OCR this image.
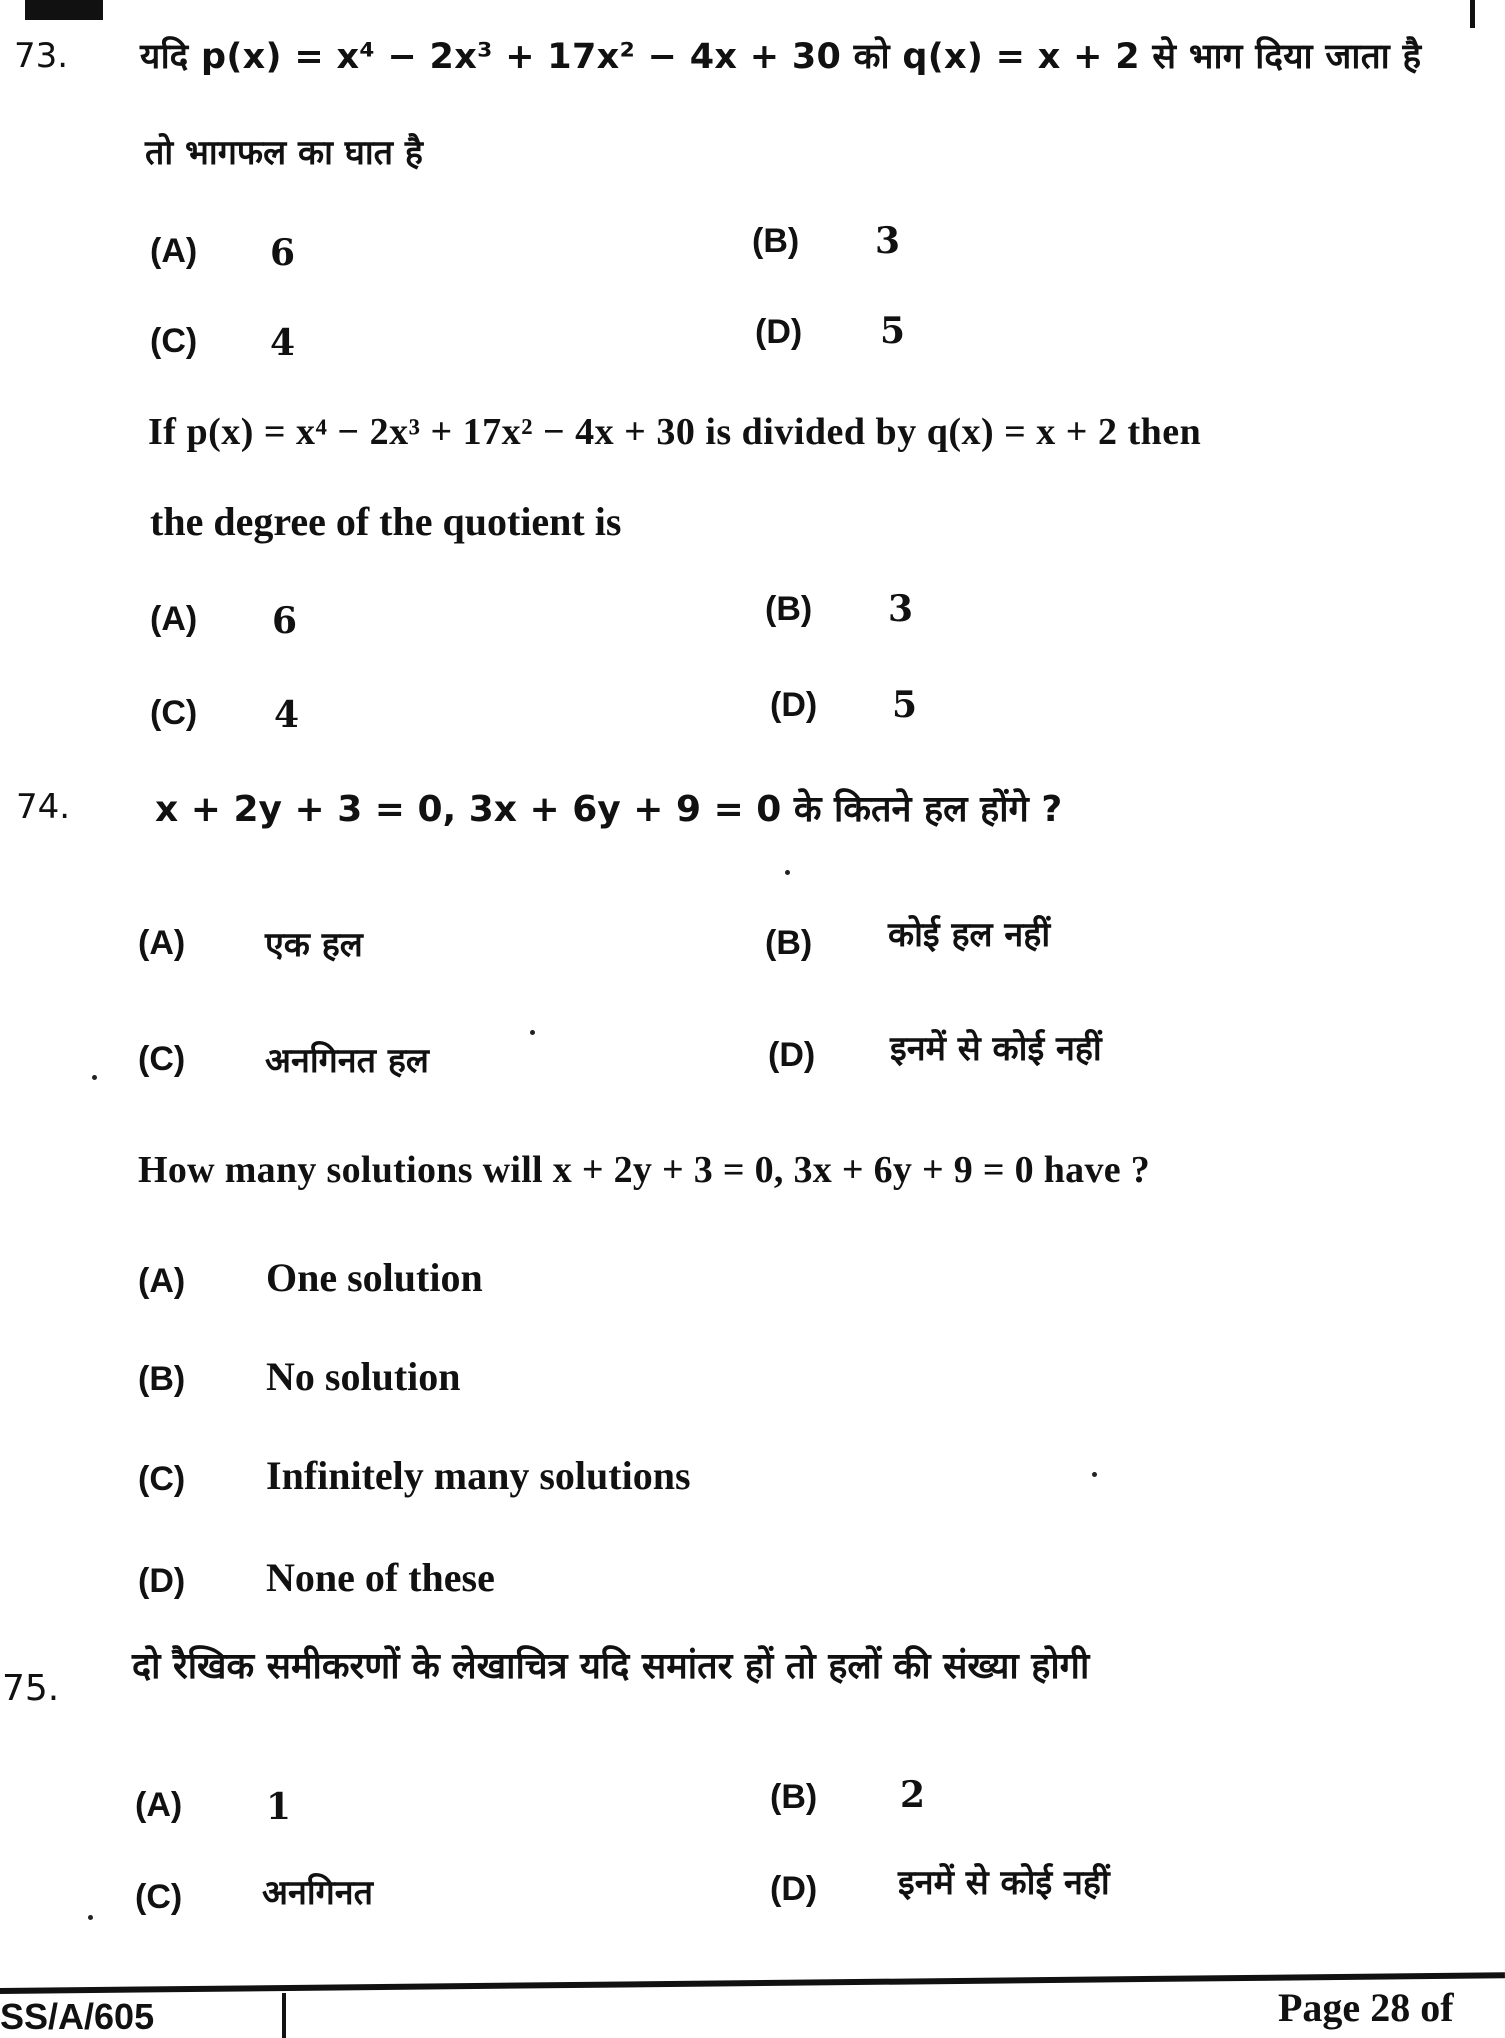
73. यदि p(x) = x⁴ − 2x³ + 17x² − 4x + 30 को q(x) = x + 2 से भाग दिया जाता है
तो भागफल का घात है
(A) 6	(B) 3
(C) 4	(D) 5
If p(x) = x⁴ − 2x³ + 17x² − 4x + 30 is divided by q(x) = x + 2 then
the degree of the quotient is
(A) 6	(B) 3
(C) 4	(D) 5
74. x + 2y + 3 = 0, 3x + 6y + 9 = 0 के कितने हल होंगे ?
(A) एक हल	(B) कोई हल नहीं
(C) अनगिनत हल	(D) इनमें से कोई नहीं
How many solutions will x + 2y + 3 = 0, 3x + 6y + 9 = 0 have ?
(A) One solution
(B) No solution
(C) Infinitely many solutions
(D) None of these
75.
दो रैखिक समीकरणों के लेखाचित्र यदि समांतर हों तो हलों की संख्या होगी
(A) 1	(B) 2
(C) अनगिनत	(D) इनमें से कोई नहीं
SS/A/605	Page 28 of
